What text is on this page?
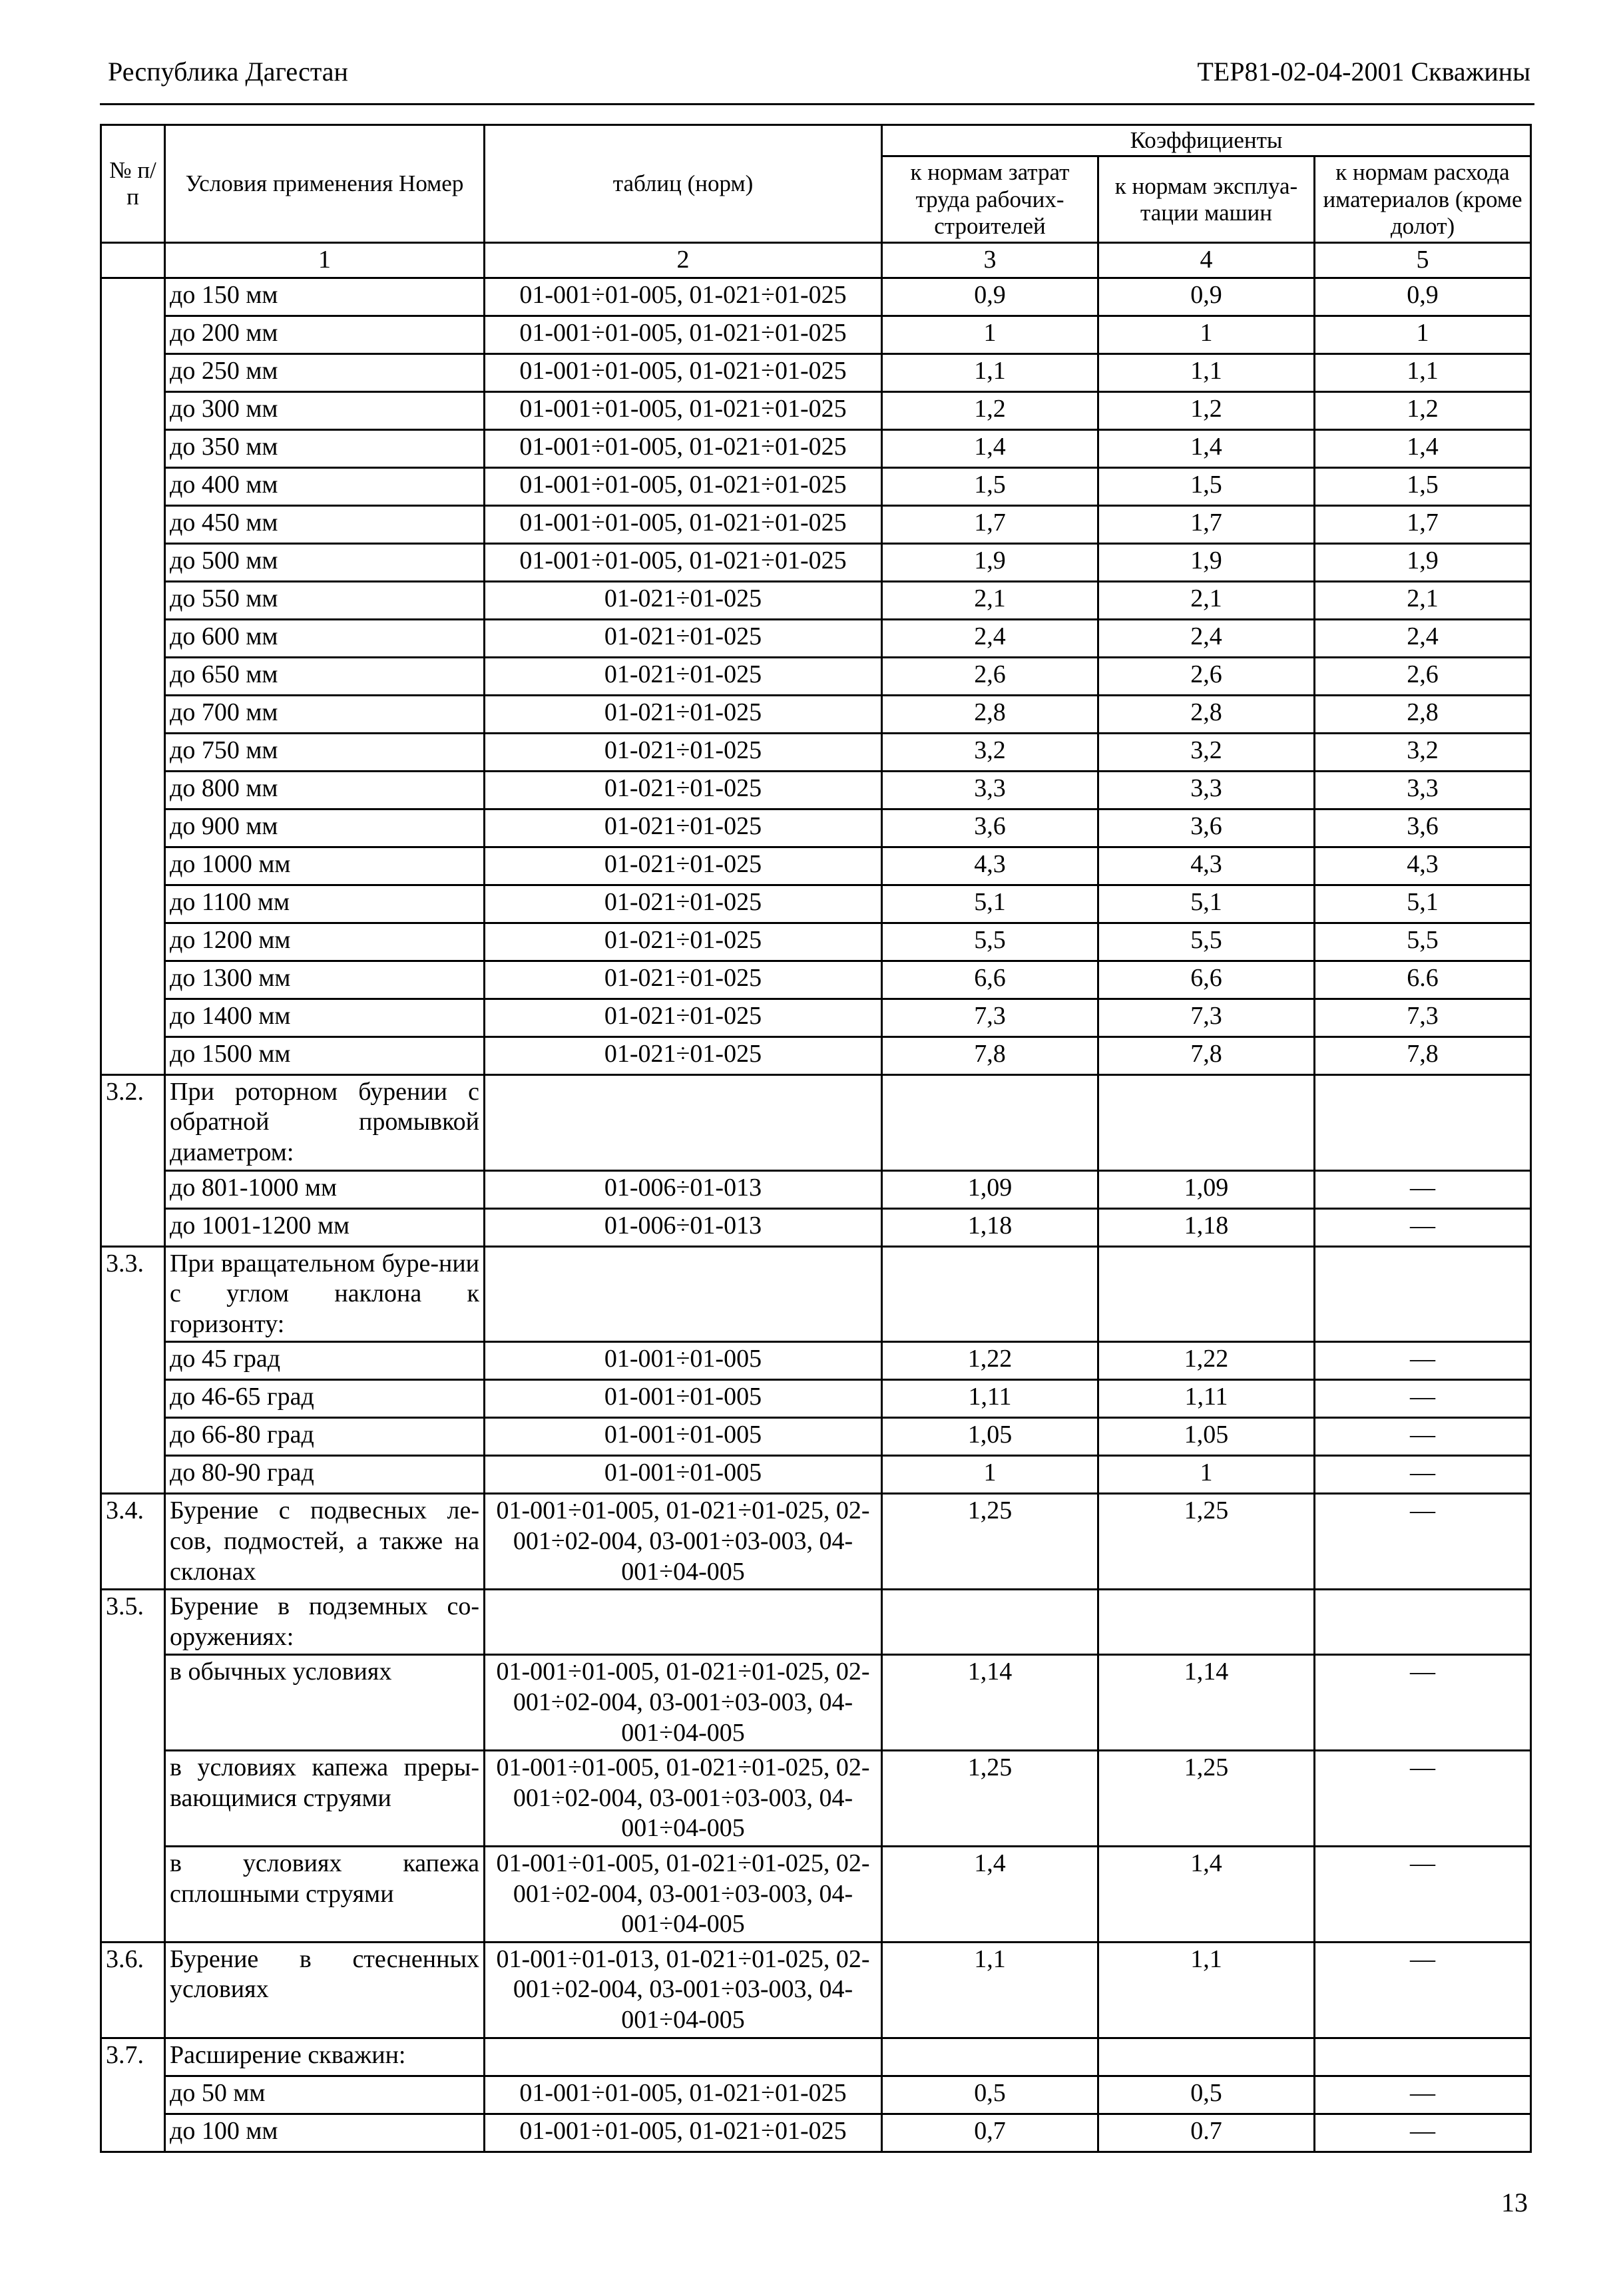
Республика Дагестан	ТЕР81-02-04-2001 Скважины
№ п/п	Условия применения Номер	таблиц (норм)	Коэффициенты		
			к нормам затрат труда рабочих-строителей	к нормам эксплуа-тации машин	к нормам расхода иматериалов (кроме долот)
	1	2	3	4	5
	до 150 мм	01-001÷01-005, 01-021÷01-025	0,9	0,9	0,9
	до 200 мм	01-001÷01-005, 01-021÷01-025	1	1	1
	до 250 мм	01-001÷01-005, 01-021÷01-025	1,1	1,1	1,1
	до 300 мм	01-001÷01-005, 01-021÷01-025	1,2	1,2	1,2
	до 350 мм	01-001÷01-005, 01-021÷01-025	1,4	1,4	1,4
	до 400 мм	01-001÷01-005, 01-021÷01-025	1,5	1,5	1,5
	до 450 мм	01-001÷01-005, 01-021÷01-025	1,7	1,7	1,7
	до 500 мм	01-001÷01-005, 01-021÷01-025	1,9	1,9	1,9
	до 550 мм	01-021÷01-025	2,1	2,1	2,1
	до 600 мм	01-021÷01-025	2,4	2,4	2,4
	до 650 мм	01-021÷01-025	2,6	2,6	2,6
	до 700 мм	01-021÷01-025	2,8	2,8	2,8
	до 750 мм	01-021÷01-025	3,2	3,2	3,2
	до 800 мм	01-021÷01-025	3,3	3,3	3,3
	до 900 мм	01-021÷01-025	3,6	3,6	3,6
	до 1000 мм	01-021÷01-025	4,3	4,3	4,3
	до 1100 мм	01-021÷01-025	5,1	5,1	5,1
	до 1200 мм	01-021÷01-025	5,5	5,5	5,5
	до 1300 мм	01-021÷01-025	6,6	6,6	6.6
	до 1400 мм	01-021÷01-025	7,3	7,3	7,3
	до 1500 мм	01-021÷01-025	7,8	7,8	7,8
3.2.	При роторном бурении с обратной промывкой диаметром:				
	до 801-1000 мм	01-006÷01-013	1,09	1,09	—
	до 1001-1200 мм	01-006÷01-013	1,18	1,18	—
3.3.	При вращательном буре-нии с углом наклона к горизонту:				
	до 45 град	01-001÷01-005	1,22	1,22	—
	до 46-65 град	01-001÷01-005	1,11	1,11	—
	до 66-80 град	01-001÷01-005	1,05	1,05	—
	до 80-90 град	01-001÷01-005	1	1	—
3.4.	Бурение с подвесных ле-сов, подмостей, а также на склонах	01-001÷01-005, 01-021÷01-025, 02-001÷02-004, 03-001÷03-003, 04-001÷04-005	1,25	1,25	—
3.5.	Бурение в подземных со-оружениях:				
	в обычных условиях	01-001÷01-005, 01-021÷01-025, 02-001÷02-004, 03-001÷03-003, 04-001÷04-005	1,14	1,14	—
	в условиях капежа преры-вающимися струями	01-001÷01-005, 01-021÷01-025, 02-001÷02-004, 03-001÷03-003, 04-001÷04-005	1,25	1,25	—
	в условиях капежа сплошными струями	01-001÷01-005, 01-021÷01-025, 02-001÷02-004, 03-001÷03-003, 04-001÷04-005	1,4	1,4	—
3.6.	Бурение в стесненных условиях	01-001÷01-013, 01-021÷01-025, 02-001÷02-004, 03-001÷03-003, 04-001÷04-005	1,1	1,1	—
3.7.	Расширение скважин:				
	до 50 мм	01-001÷01-005, 01-021÷01-025	0,5	0,5	—
	до 100 мм	01-001÷01-005, 01-021÷01-025	0,7	0.7	—
13
